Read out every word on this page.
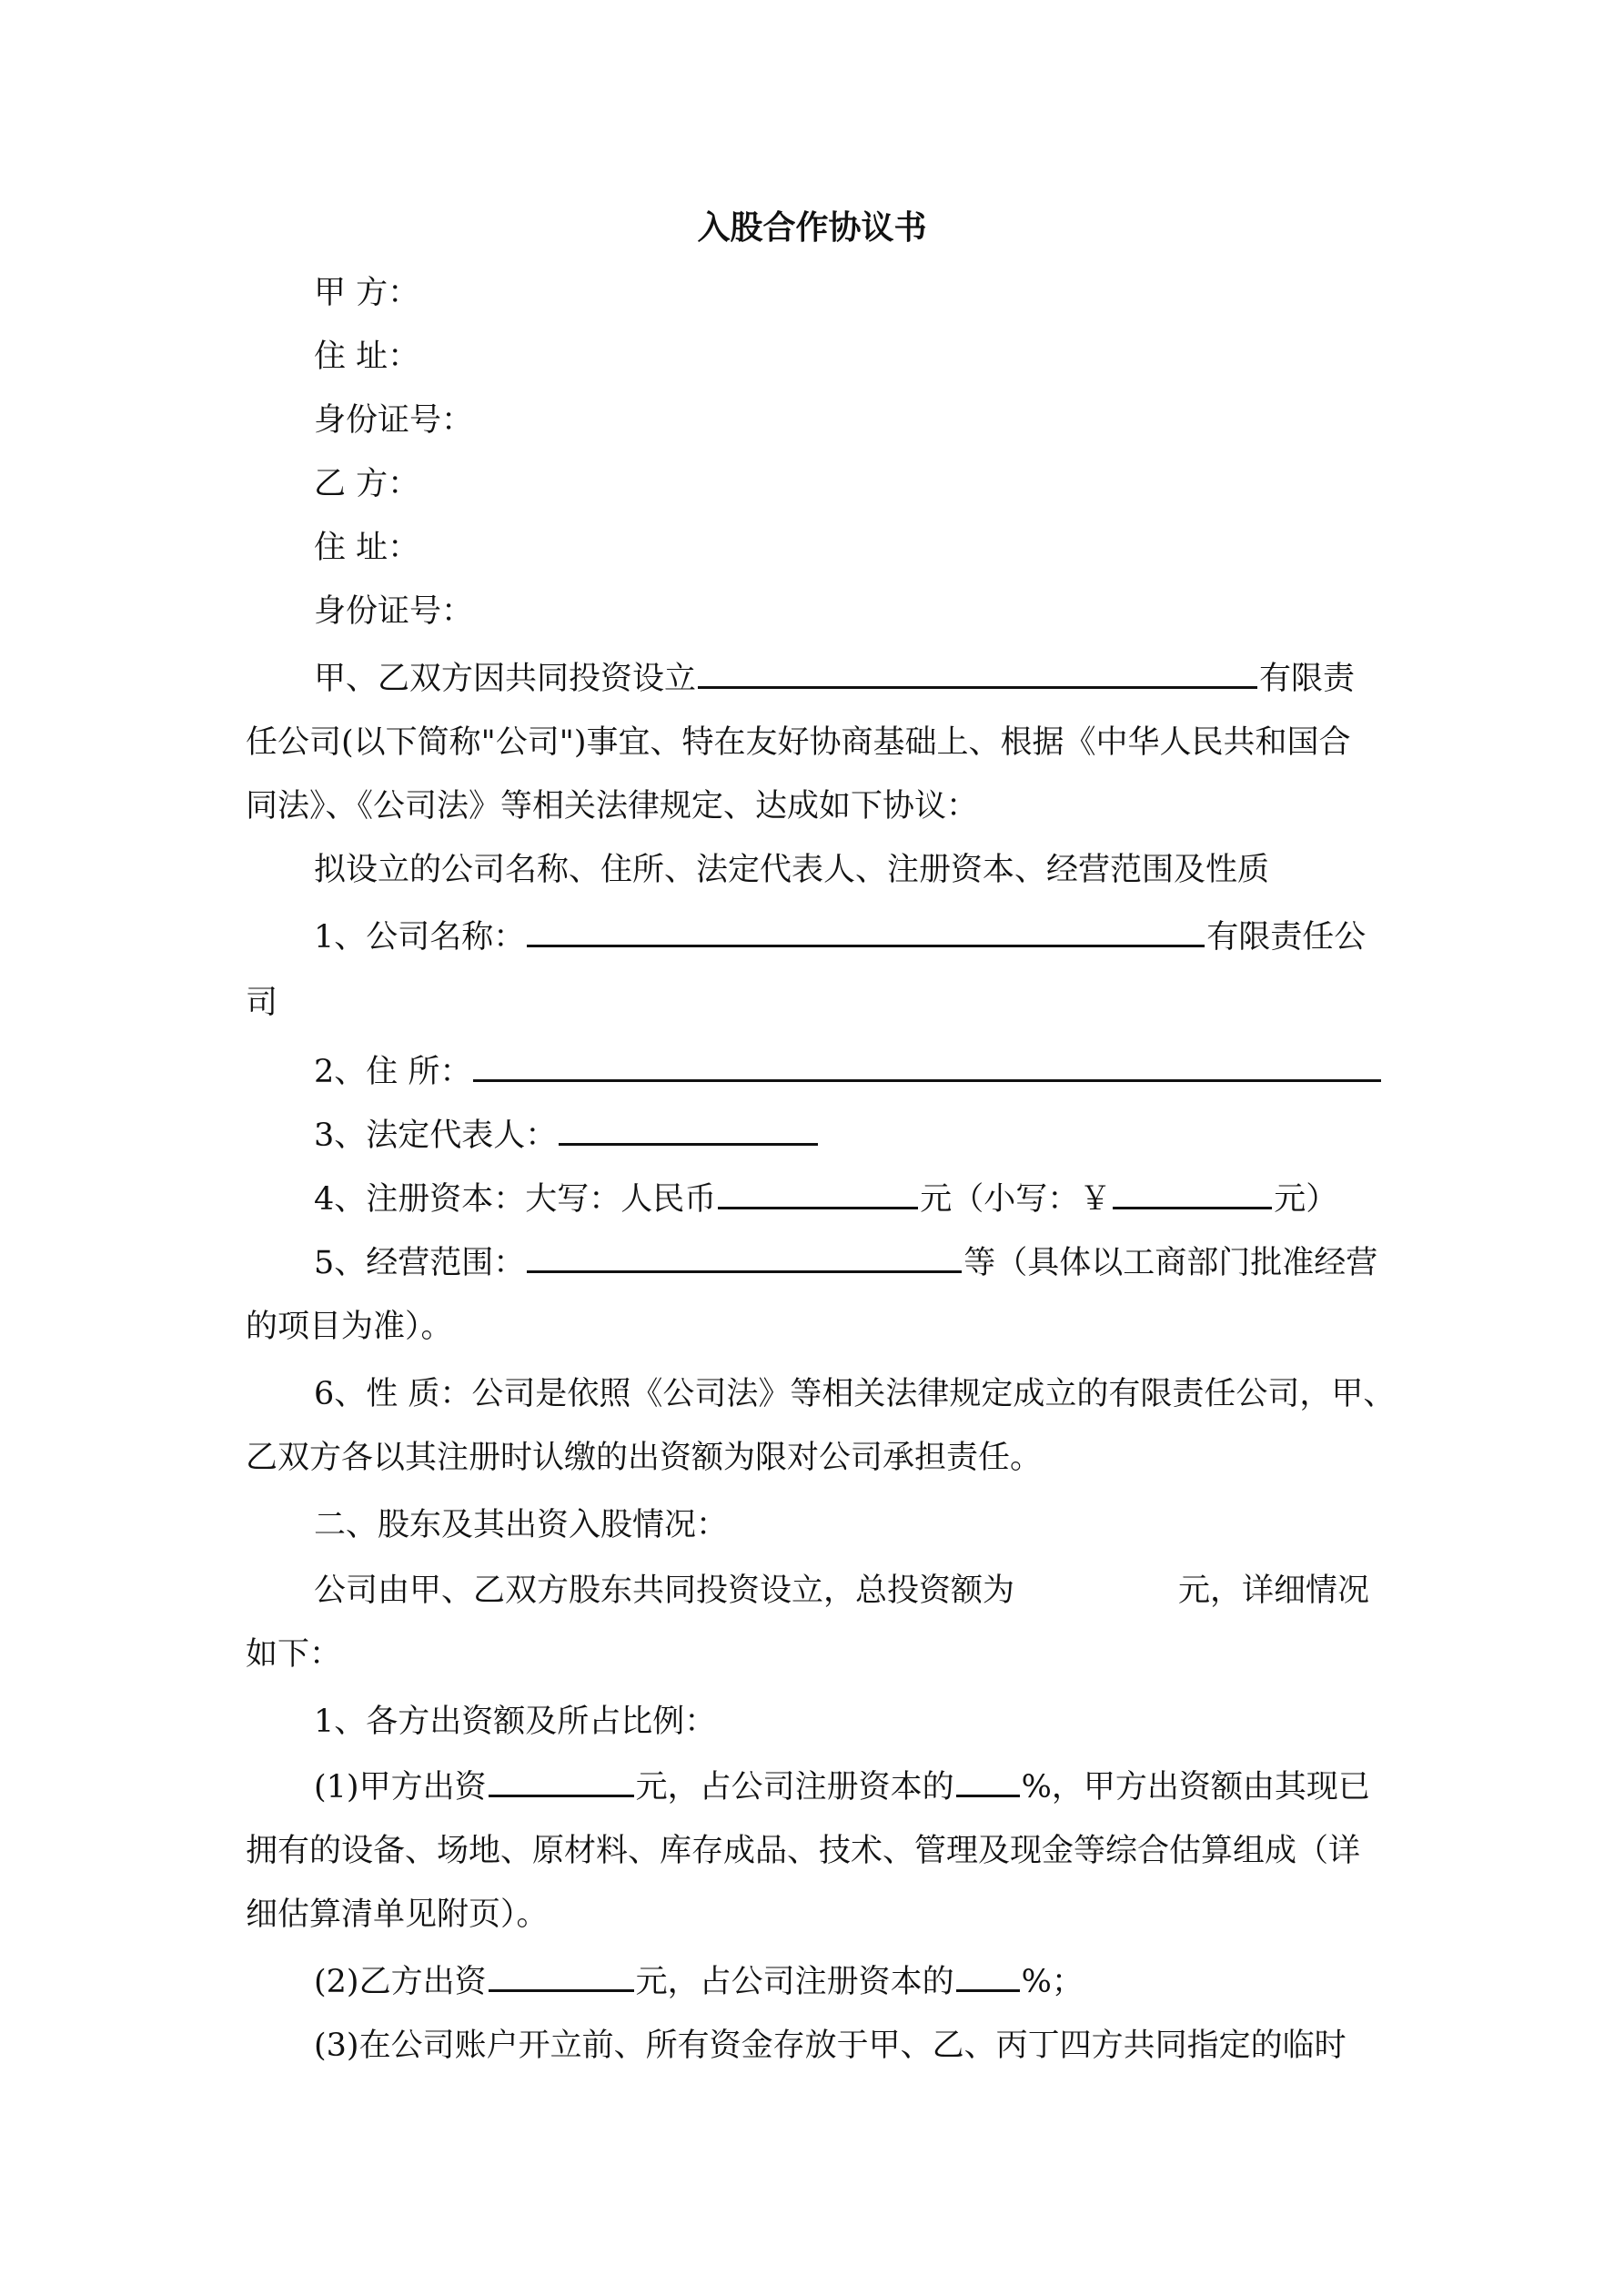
入股合作协议书
甲 方：
住 址：
身份证号：
乙 方：
住 址：
身份证号：
甲、乙双方因共同投资设立	有限责
任公司(以下简称"公司")事宜、特在友好协商基础上、根据《中华人民共和国合
同法》、《公司法》等相关法律规定、达成如下协议：
拟设立的公司名称、住所、法定代表人、注册资本、经营范围及性质
1、公司名称：	有限责任公
司
2、住 所：
3、法定代表人：
4、注册资本：大写：人民币	元（小写：￥	元）
5、经营范围：	等（具体以工商部门批准经营
的项目为准）。
6、性 质：公司是依照《公司法》等相关法律规定成立的有限责任公司，甲、
乙双方各以其注册时认缴的出资额为限对公司承担责任。
二、股东及其出资入股情况：
公司由甲、乙双方股东共同投资设立，总投资额为	元，详细情况
如下：
1、各方出资额及所占比例：
(1)甲方出资	元，占公司注册资本的 %，甲方出资额由其现已
拥有的设备、场地、原材料、库存成品、技术、管理及现金等综合估算组成（详
细估算清单见附页）。
(2)乙方出资	元，占公司注册资本的 %；
(3)在公司账户开立前、所有资金存放于甲、乙、丙丁四方共同指定的临时
